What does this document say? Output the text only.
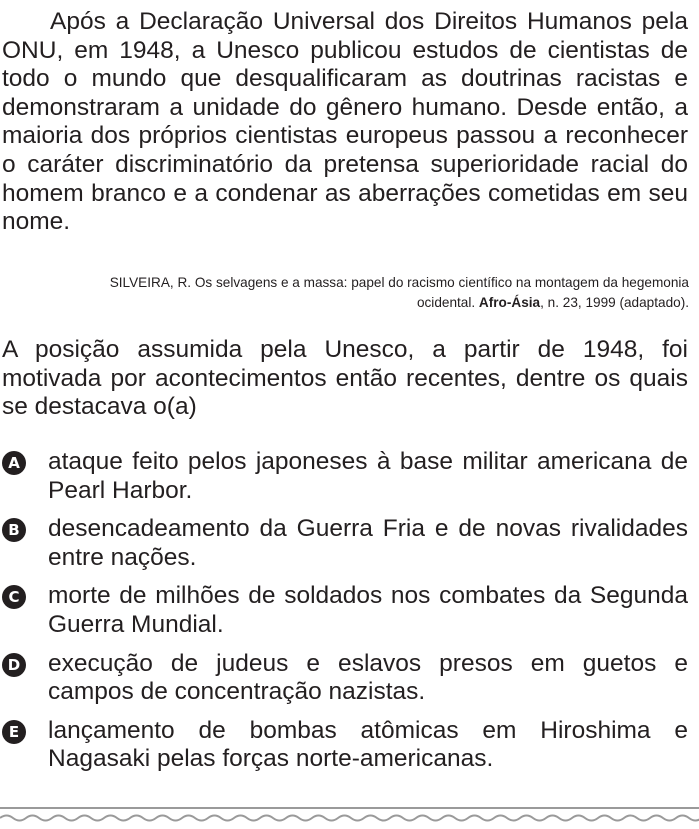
Após a Declaração Universal dos Direitos Humanos pela ONU, em 1948, a Unesco publicou estudos de cientistas de todo o mundo que desqualificaram as doutrinas racistas e demonstraram a unidade do gênero humano. Desde então, a maioria dos próprios cientistas europeus passou a reconhecer o caráter discriminatório da pretensa superioridade racial do homem branco e a condenar as aberrações cometidas em seu nome.

SILVEIRA, R. Os selvagens e a massa: papel do racismo científico na montagem da hegemonia ocidental. Afro-Ásia, n. 23, 1999 (adaptado).

A posição assumida pela Unesco, a partir de 1948, foi motivada por acontecimentos então recentes, dentre os quais se destacava o(a)

A ataque feito pelos japoneses à base militar americana de Pearl Harbor.
B desencadeamento da Guerra Fria e de novas rivalidades entre nações.
C morte de milhões de soldados nos combates da Segunda Guerra Mundial.
D execução de judeus e eslavos presos em guetos e campos de concentração nazistas.
E lançamento de bombas atômicas em Hiroshima e Nagasaki pelas forças norte-americanas.
